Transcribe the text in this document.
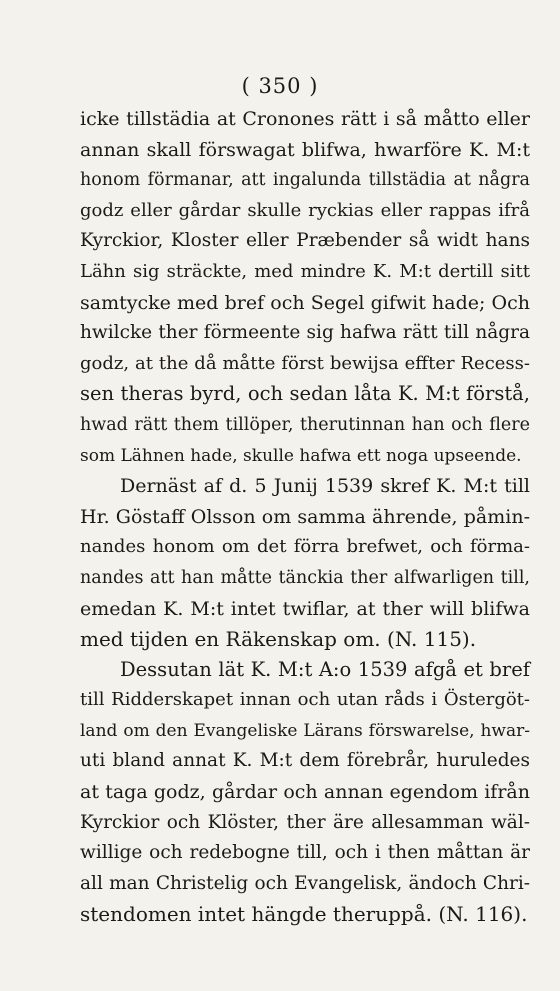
( 350 )
icke tillstädia at Cronones rätt i så måtto eller
annan skall förswagat blifwa, hwarföre K. M:t
honom förmanar, att ingalunda tillstädia at några
godz eller gårdar skulle ryckias eller rappas ifrå
Kyrckior, Kloster eller Præbender så widt hans
Lähn sig sträckte, med mindre K. M:t dertill sitt
samtycke med bref och Segel gifwit hade; Och
hwilcke ther förmeente sig hafwa rätt till några
godz, at the då måtte först bewijsa effter Recess-
sen theras byrd, och sedan låta K. M:t förstå,
hwad rätt them tillöper, therutinnan han och flere
som Lähnen hade, skulle hafwa ett noga upseende.
Dernäst af d. 5 Junij 1539 skref K. M:t till
Hr. Göstaff Olsson om samma ährende, påmin-
nandes honom om det förra brefwet, och förma-
nandes att han måtte tänckia ther alfwarligen till,
emedan K. M:t intet twiflar, at ther will blifwa
med tijden en Räkenskap om. (N. 115).
Dessutan lät K. M:t A:o 1539 afgå et bref
till Ridderskapet innan och utan råds i Östergöt-
land om den Evangeliske Lärans förswarelse, hwar-
uti bland annat K. M:t dem förebrår, huruledes
at taga godz, gårdar och annan egendom ifrån
Kyrckior och Klöster, ther äre allesamman wäl-
willige och redebogne till, och i then måttan är
all man Christelig och Evangelisk, ändoch Chri-
stendomen intet hängde theruppå. (N. 116).
